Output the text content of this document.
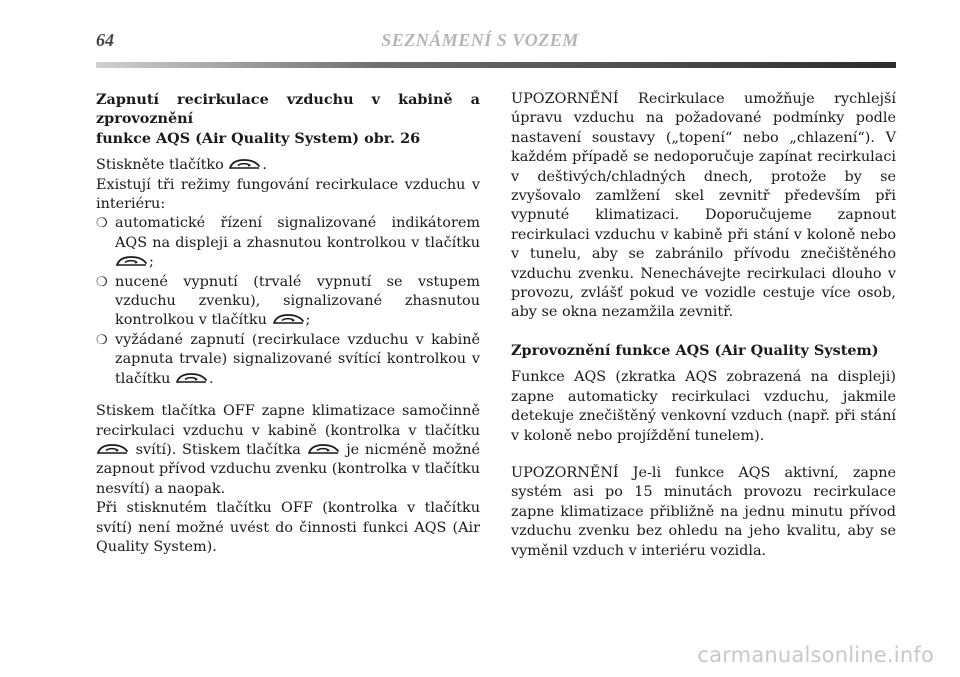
64	SEZNÁMENÍ S VOZEM

Zapnutí recirkulace vzduchu v kabině a zprovoznění
funkce AQS (Air Quality System) obr. 26

Stiskněte tlačítko	.

Existují tři režimy fungování recirkulace vzduchu v interiéru:

❍ automatické řízení signalizované indikátorem AQS na displeji a zhasnutou kontrolkou v tlačítku
;

❍ nucené vypnutí (trvalé vypnutí se vstupem vzduchu zvenku), signalizované zhasnutou kontrolkou v tlačítku	;

❍ vyžádané zapnutí (recirkulace vzduchu v kabině zapnuta trvale) signalizované svítící kontrolkou v tlačítku	.

Stiskem tlačítka OFF zapne klimatizace samočinně recirkulaci vzduchu v kabině (kontrolka v tlačítku
svítí). Stiskem tlačítka	je nicméně možné zapnout přívod vzduchu zvenku (kontrolka v tlačítku nesvítí) a naopak.

Při stisknutém tlačítku OFF (kontrolka v tlačítku svítí) není možné uvést do činnosti funkci AQS (Air Quality System).

UPOZORNĚNÍ Recirkulace umožňuje rychlejší úpravu vzduchu na požadované podmínky podle nastavení soustavy („topení“ nebo „chlazení“). V každém případě se nedoporučuje zapínat recirkulaci v deštivých/chladných dnech, protože by se zvyšovalo zamlžení skel zevnitř především při vypnuté klimatizaci. Doporučujeme zapnout recirkulaci vzduchu v kabině při stání v koloně nebo v tunelu, aby se zabránilo přívodu znečištěného vzduchu zvenku. Nenechávejte recirkulaci dlouho v provozu, zvlášť pokud ve vozidle cestuje více osob, aby se okna nezamžila zevnitř.

Zprovoznění funkce AQS (Air Quality System)

Funkce AQS (zkratka AQS zobrazená na displeji) zapne automaticky recirkulaci vzduchu, jakmile detekuje znečištěný venkovní vzduch (např. při stání v koloně nebo projíždění tunelem).

UPOZORNĚNÍ Je-li funkce AQS aktivní, zapne systém asi po 15 minutách provozu recirkulace zapne klimatizace přibližně na jednu minutu přívod vzduchu zvenku bez ohledu na jeho kvalitu, aby se vyměnil vzduch v interiéru vozidla.

carmanualsonline.info
